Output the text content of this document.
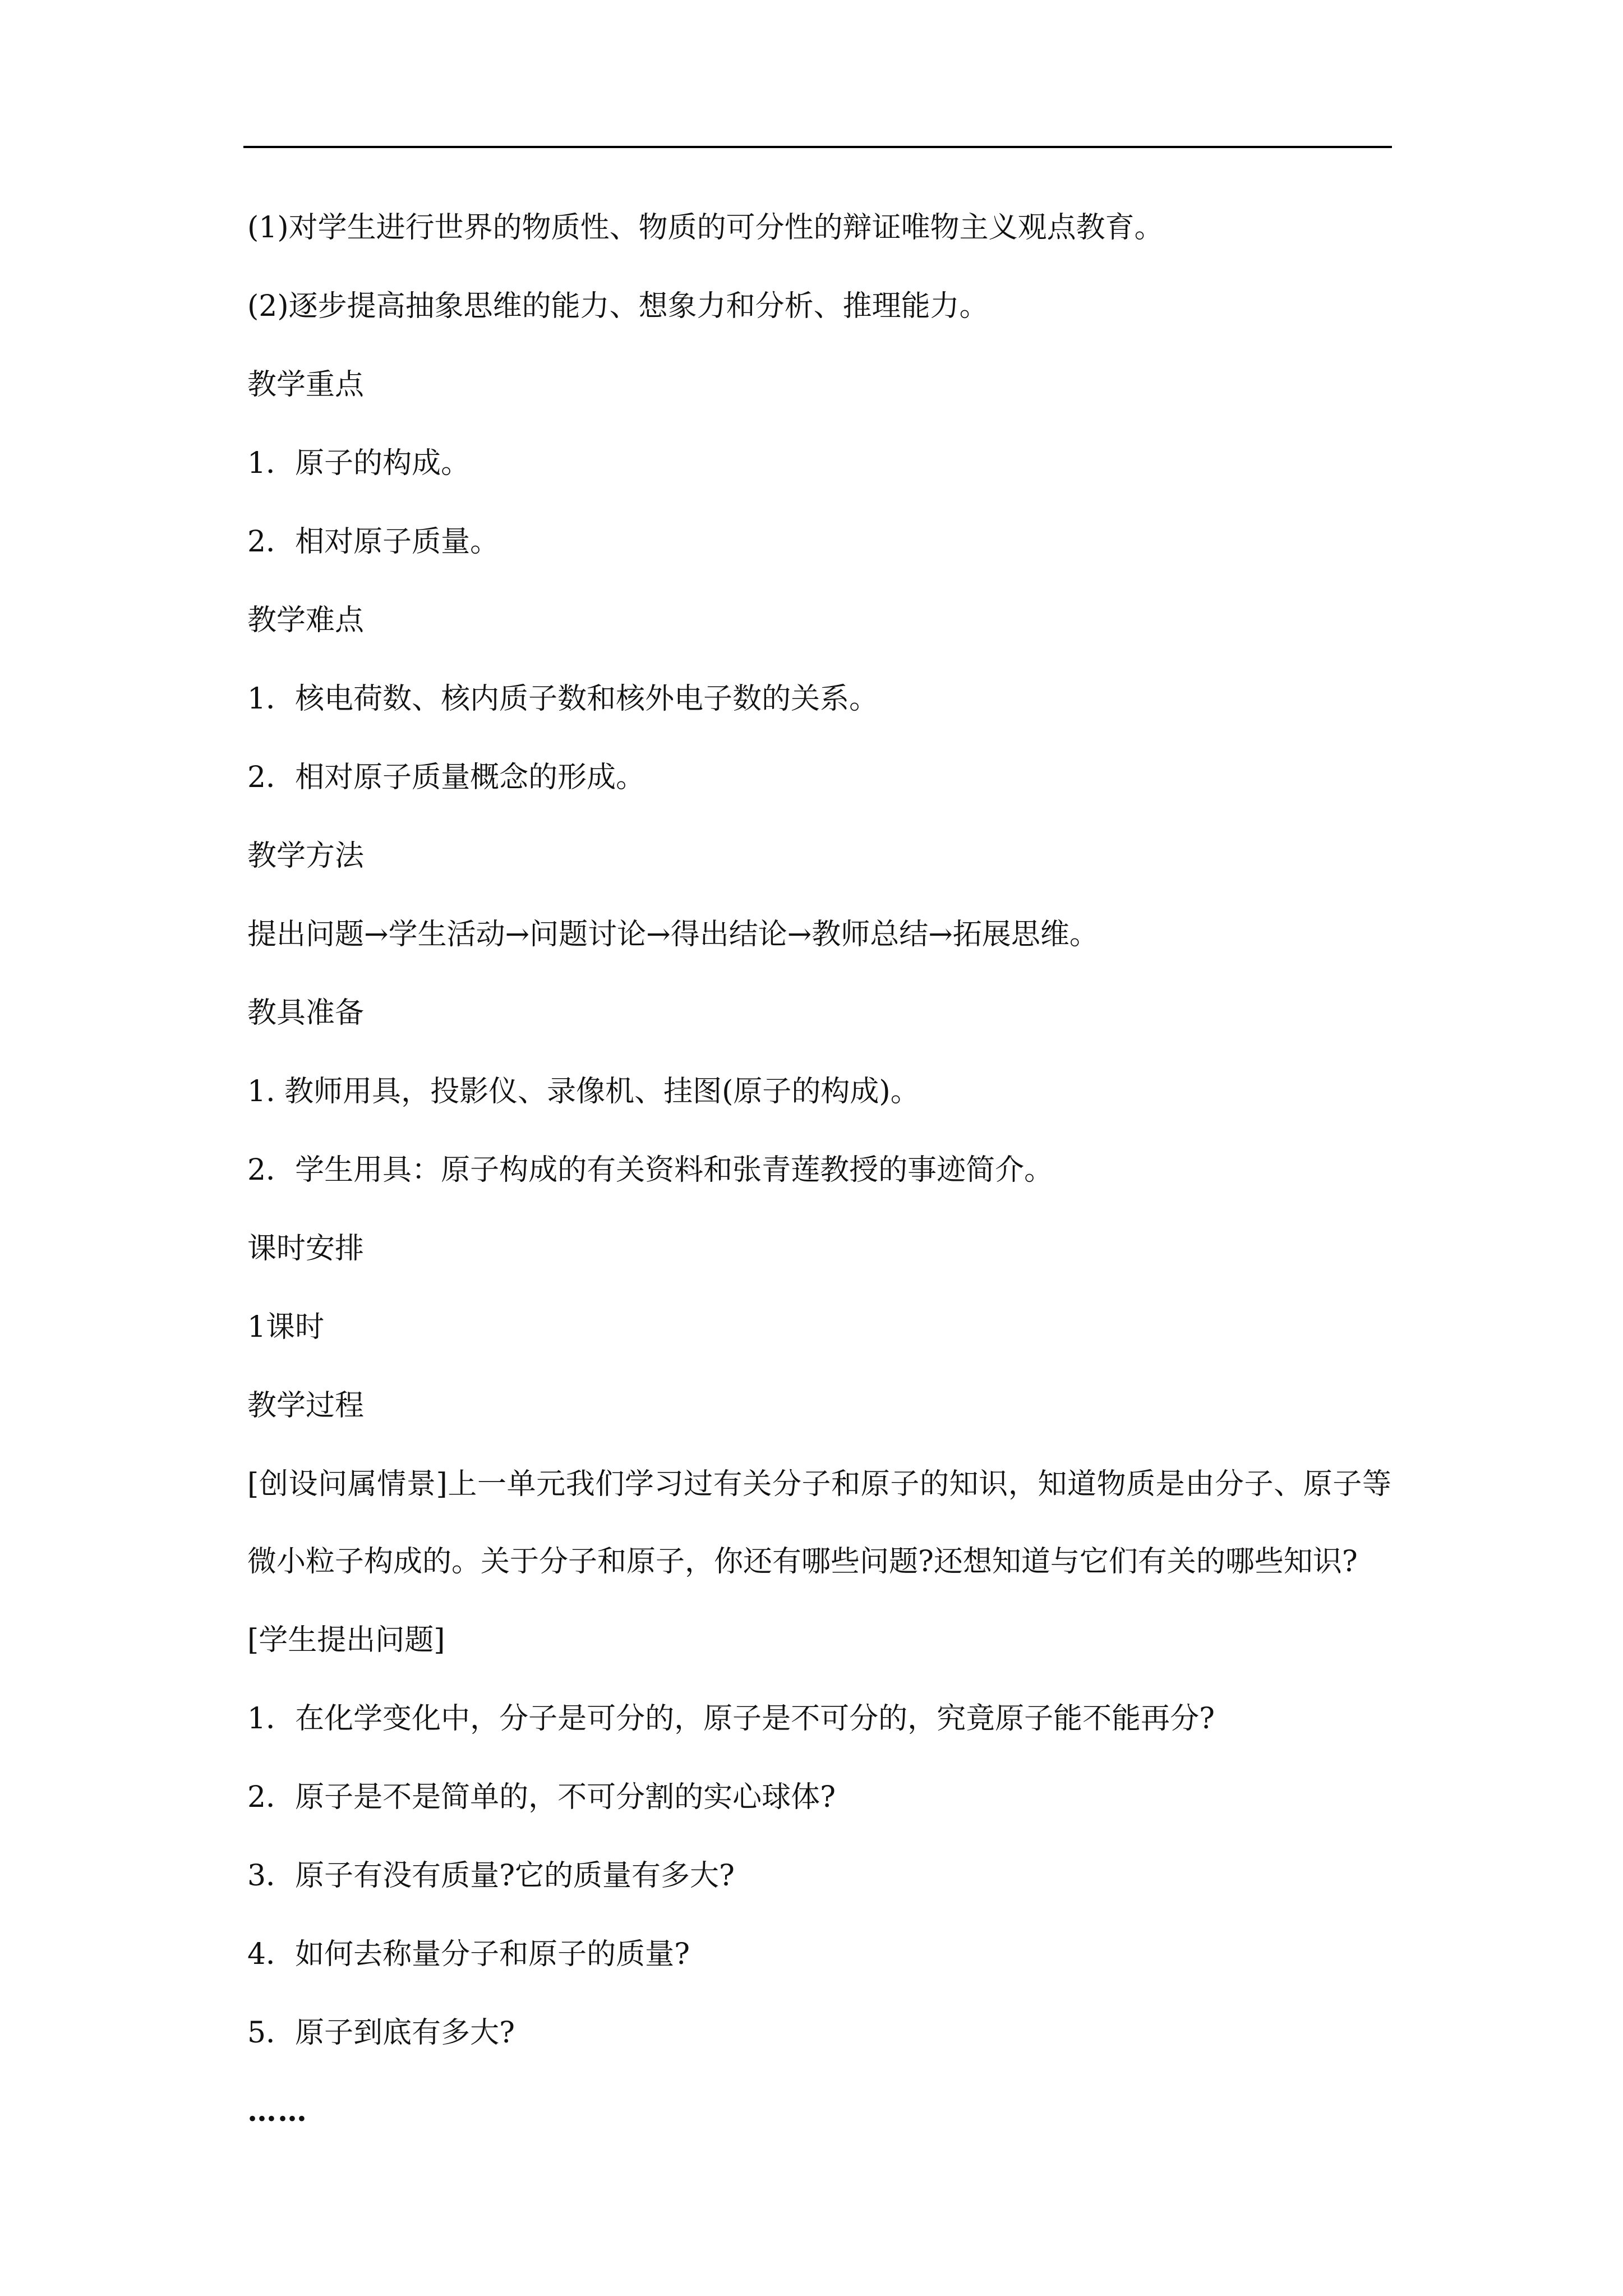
(1)对学生进行世界的物质性、物质的可分性的辩证唯物主义观点教育。

(2)逐步提高抽象思维的能力、想象力和分析、推理能力。

教学重点

1．原子的构成。

2．相对原子质量。

教学难点

1．核电荷数、核内质子数和核外电子数的关系。

2．相对原子质量概念的形成。

教学方法

提出问题→学生活动→问题讨论→得出结论→教师总结→拓展思维。

教具准备

1. 教师用具，投影仪、录像机、挂图(原子的构成)。

2．学生用具：原子构成的有关资料和张青莲教授的事迹简介。

课时安排

1课时

教学过程

[创设问属情景]上一单元我们学习过有关分子和原子的知识，知道物质是由分子、原子等微小粒子构成的。关于分子和原子，你还有哪些问题?还想知道与它们有关的哪些知识?

[学生提出问题]

1．在化学变化中，分子是可分的，原子是不可分的，究竟原子能不能再分?

2．原子是不是简单的，不可分割的实心球体?

3．原子有没有质量?它的质量有多大?

4．如何去称量分子和原子的质量?

5．原子到底有多大?

……
